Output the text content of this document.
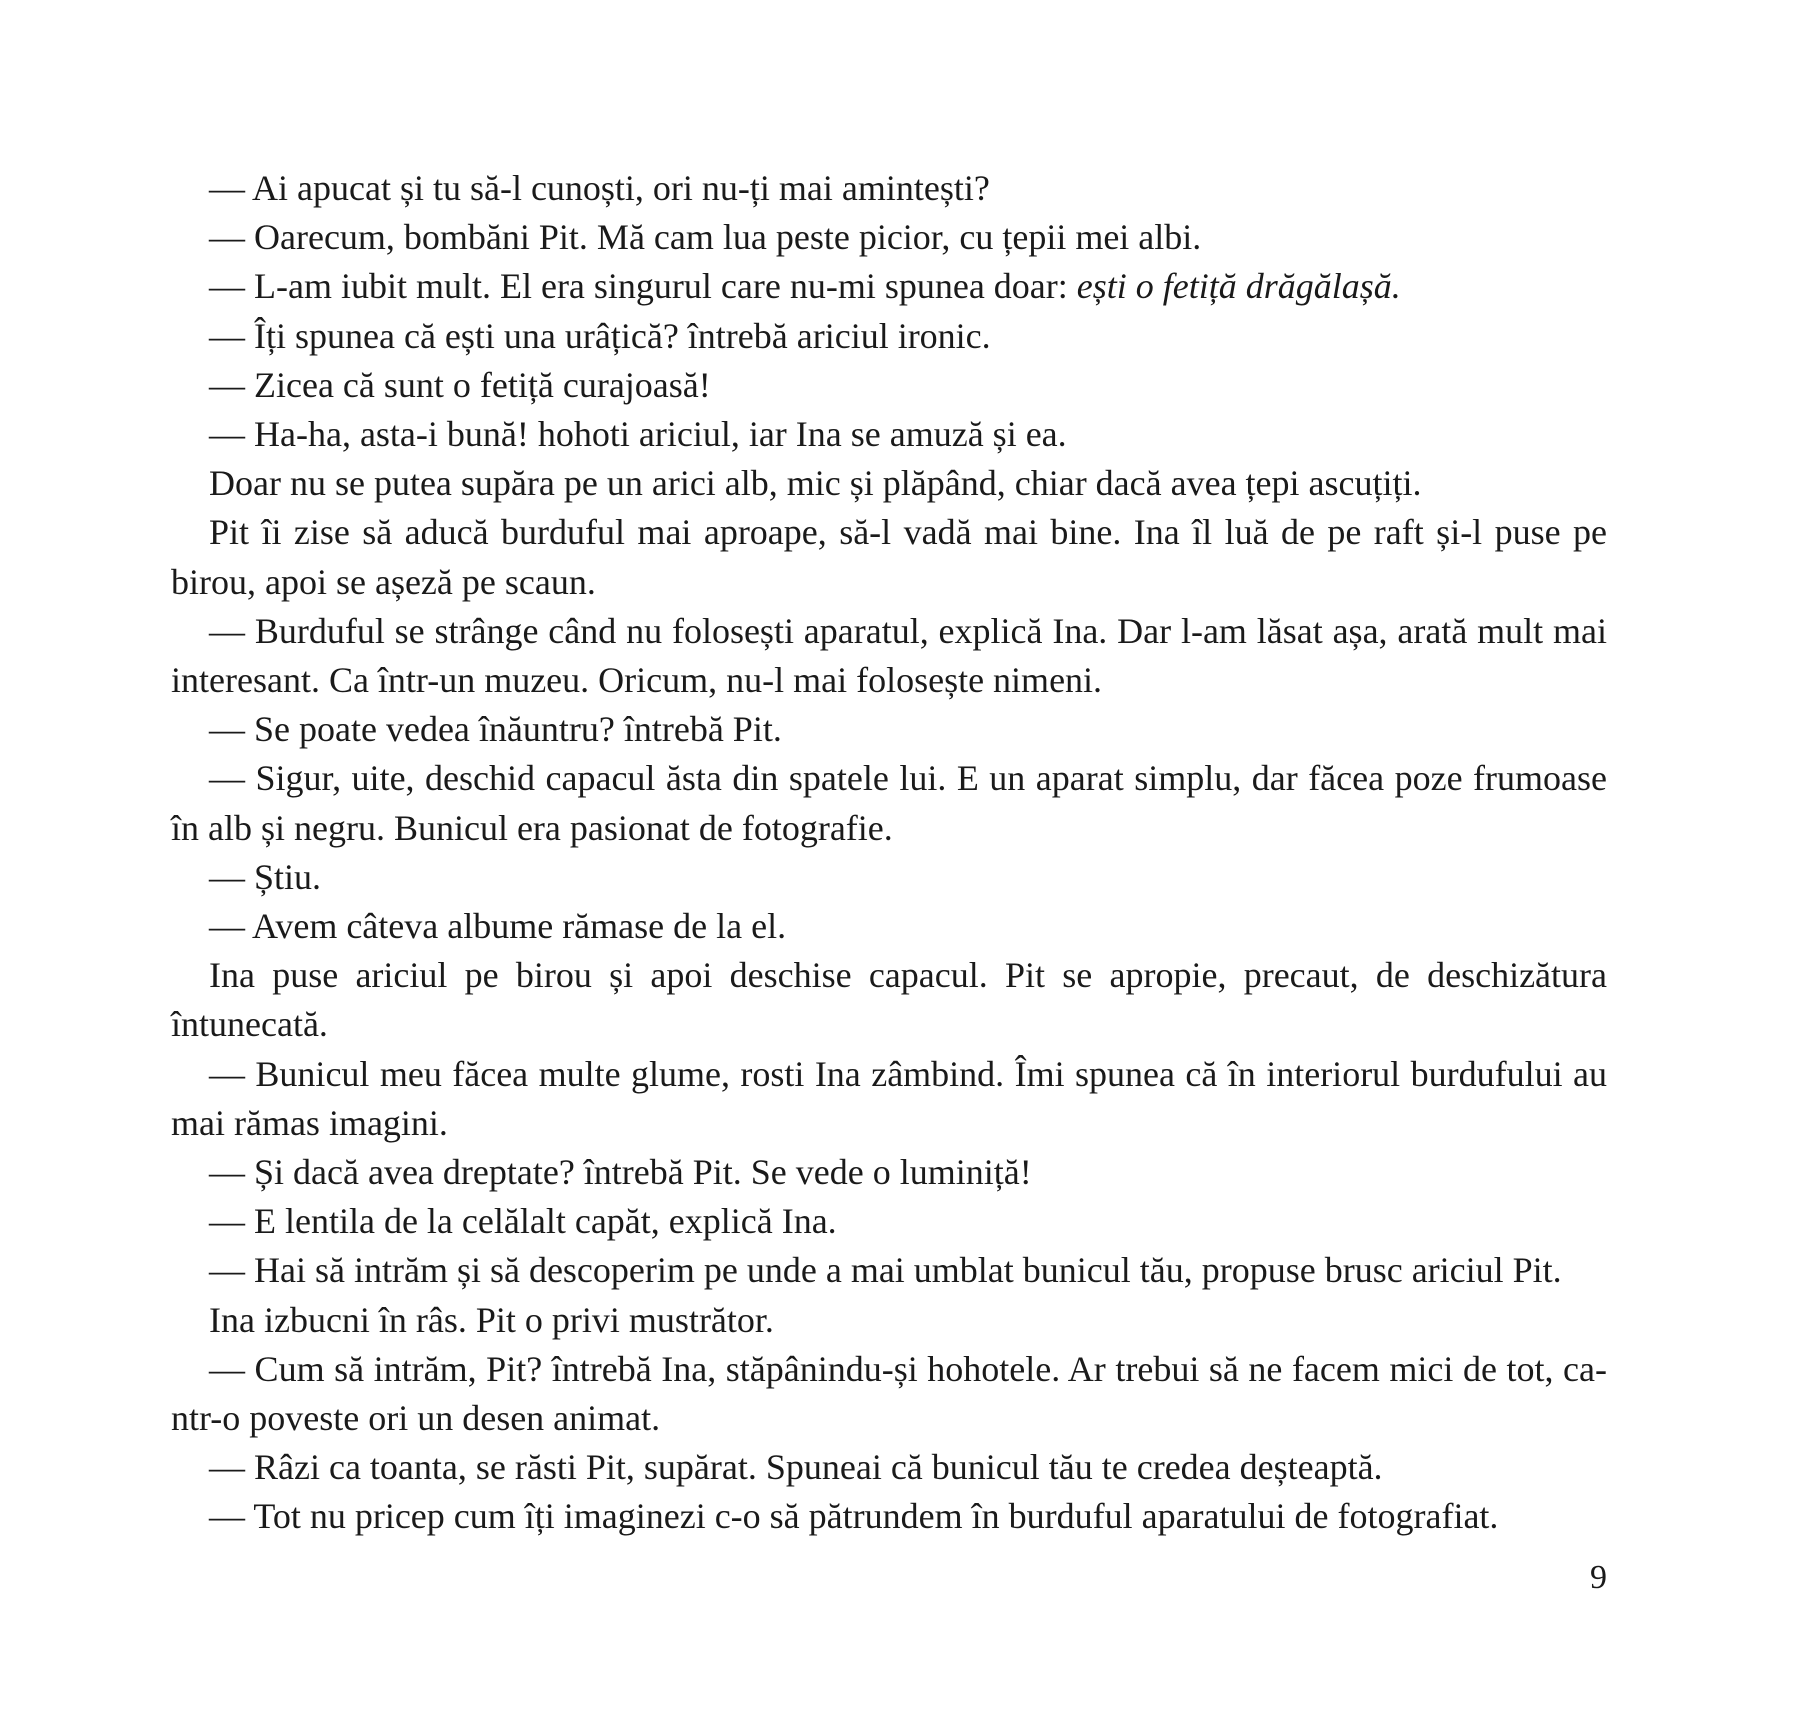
— Ai apucat și tu să-l cunoști, ori nu-ți mai amintești?

— Oarecum, bombăni Pit. Mă cam lua peste picior, cu țepii mei albi.

— L-am iubit mult. El era singurul care nu-mi spunea doar: ești o fetiță drăgălașă.

— Îți spunea că ești una urâțică? întrebă ariciul ironic.

— Zicea că sunt o fetiță curajoasă!

— Ha-ha, asta-i bună! hohoti ariciul, iar Ina se amuză și ea.

Doar nu se putea supăra pe un arici alb, mic și plăpând, chiar dacă avea țepi ascuțiți.

Pit îi zise să aducă burduful mai aproape, să-l vadă mai bine. Ina îl luă de pe raft și-l puse pe birou, apoi se așeză pe scaun.

— Burduful se strânge când nu folosești aparatul, explică Ina. Dar l-am lăsat așa, arată mult mai interesant. Ca într-un muzeu. Oricum, nu-l mai folosește nimeni.

— Se poate vedea înăuntru? întrebă Pit.

— Sigur, uite, deschid capacul ăsta din spatele lui. E un aparat simplu, dar făcea poze frumoase în alb și negru. Bunicul era pasionat de fotografie.

— Știu.

— Avem câteva albume rămase de la el.

Ina puse ariciul pe birou și apoi deschise capacul. Pit se apropie, precaut, de deschizătura întunecată.

— Bunicul meu făcea multe glume, rosti Ina zâmbind. Îmi spunea că în interiorul burdufului au mai rămas imagini.

— Și dacă avea dreptate? întrebă Pit. Se vede o luminiță!

— E lentila de la celălalt capăt, explică Ina.

— Hai să intrăm și să descoperim pe unde a mai umblat bunicul tău, propuse brusc ariciul Pit.

Ina izbucni în râs. Pit o privi mustrător.

— Cum să intrăm, Pit? întrebă Ina, stăpânindu-și hohotele. Ar trebui să ne facem mici de tot, ca-ntr-o poveste ori un desen animat.

— Râzi ca toanta, se răsti Pit, supărat. Spuneai că bunicul tău te credea deșteaptă.

— Tot nu pricep cum îți imaginezi c-o să pătrundem în burduful aparatului de fotografiat.

9
